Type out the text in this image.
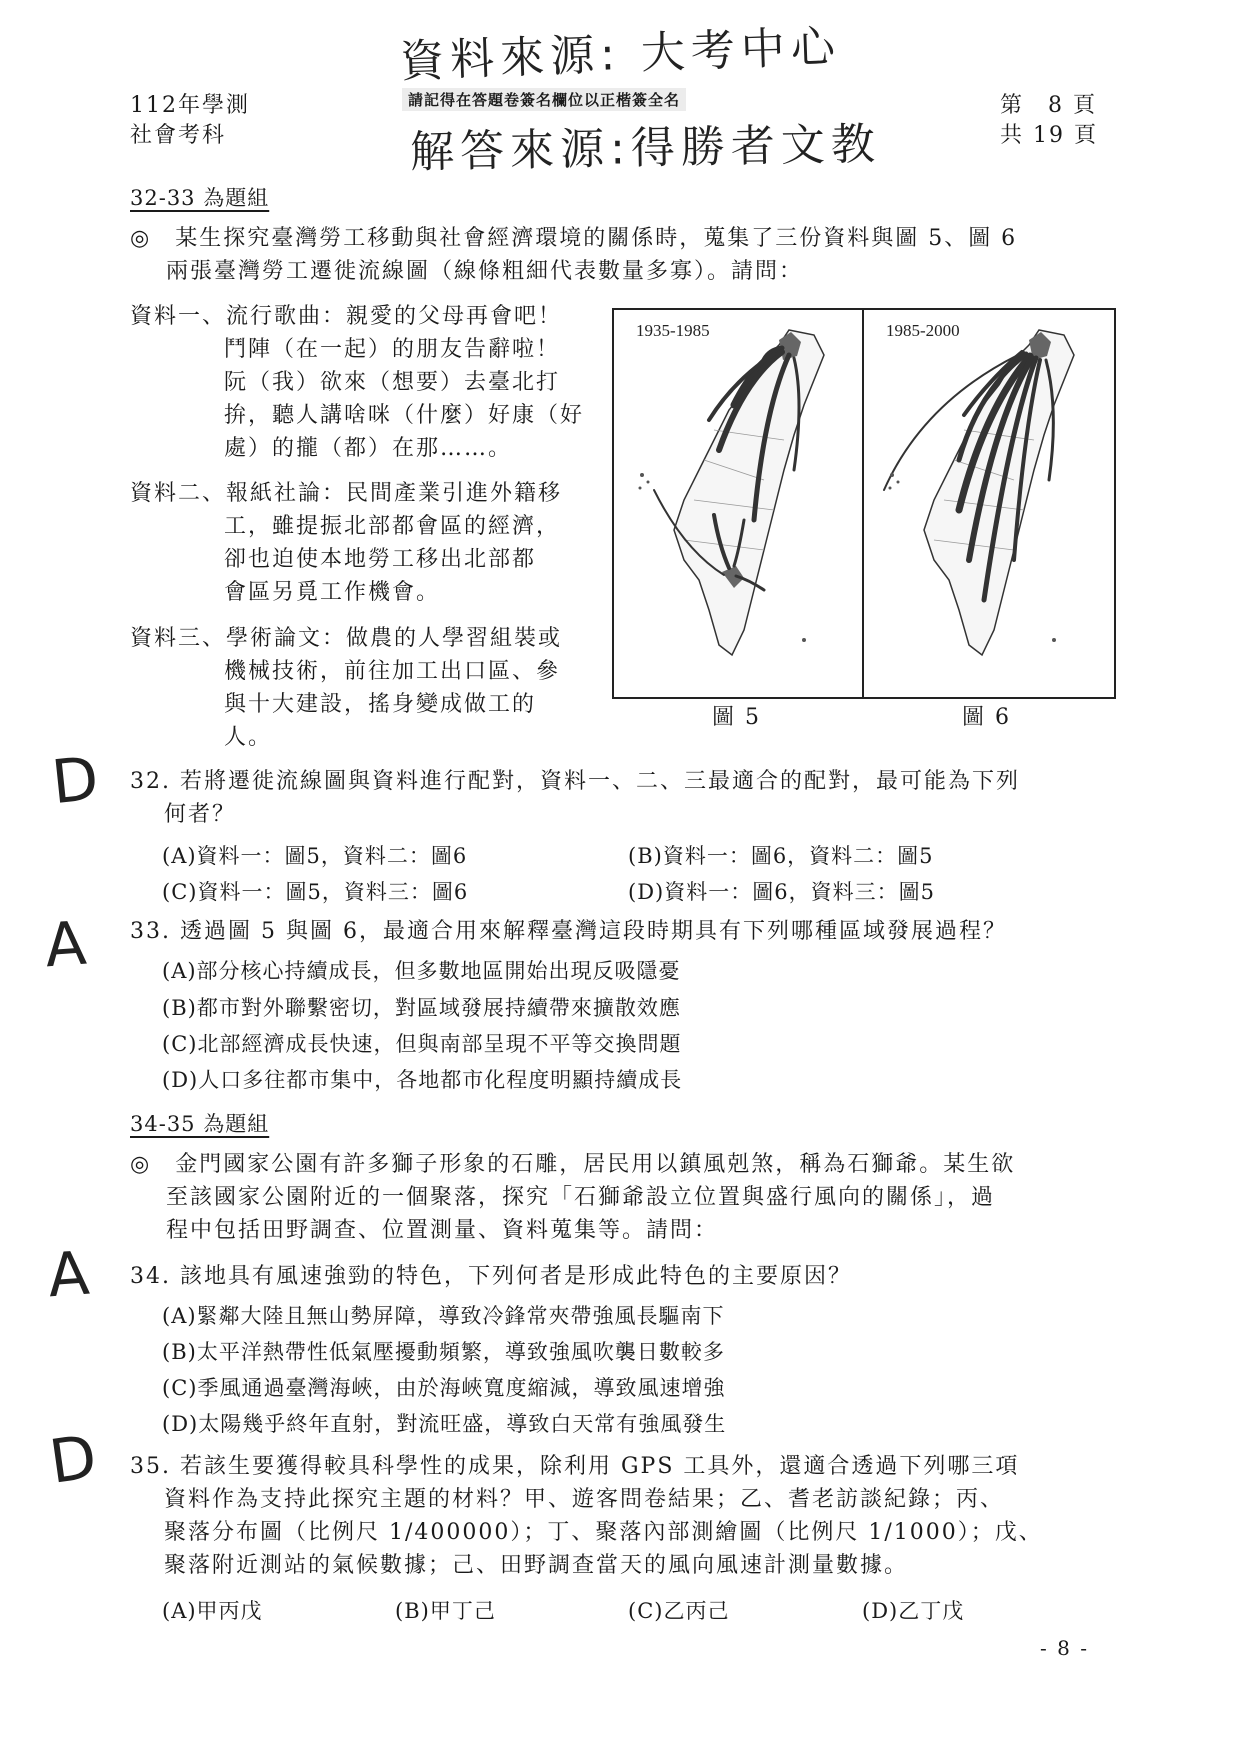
112年學測
社會考科
資料來源: 大考中心
請記得在答題卷簽名欄位以正楷簽全名
解答來源:得勝者文教
第　8 頁
共 19 頁
32-33 為題組
◎　某生探究臺灣勞工移動與社會經濟環境的關係時，蒐集了三份資料與圖 5、圖 6
兩張臺灣勞工遷徙流線圖（線條粗細代表數量多寡）。請問：
資料一、流行歌曲：親愛的父母再會吧！
鬥陣（在一起）的朋友告辭啦！
阮（我）欲來（想要）去臺北打
拚，聽人講啥咪（什麼）好康（好
處）的攏（都）在那……。
資料二、報紙社論：民間產業引進外籍移
工，雖提振北部都會區的經濟，
卻也迫使本地勞工移出北部都
會區另覓工作機會。
資料三、學術論文：做農的人學習組裝或
機械技術，前往加工出口區、參
與十大建設，搖身變成做工的
人。
1935-1985
圖 5
1985-2000
圖 6
D 32. 若將遷徙流線圖與資料進行配對，資料一、二、三最適合的配對，最可能為下列
何者？
(A)資料一：圖5，資料二：圖6	(B)資料一：圖6，資料二：圖5
(C)資料一：圖5，資料三：圖6	(D)資料一：圖6，資料三：圖5
A 33. 透過圖 5 與圖 6，最適合用來解釋臺灣這段時期具有下列哪種區域發展過程？
(A)部分核心持續成長，但多數地區開始出現反吸隱憂
(B)都市對外聯繫密切，對區域發展持續帶來擴散效應
(C)北部經濟成長快速，但與南部呈現不平等交換問題
(D)人口多往都市集中，各地都市化程度明顯持續成長
34-35 為題組
◎　金門國家公園有許多獅子形象的石雕，居民用以鎮風剋煞，稱為石獅爺。某生欲
至該國家公園附近的一個聚落，探究「石獅爺設立位置與盛行風向的關係」，過
程中包括田野調查、位置測量、資料蒐集等。請問：
A 34. 該地具有風速強勁的特色，下列何者是形成此特色的主要原因？
(A)緊鄰大陸且無山勢屏障，導致冷鋒常夾帶強風長驅南下
(B)太平洋熱帶性低氣壓擾動頻繁，導致強風吹襲日數較多
(C)季風通過臺灣海峽，由於海峽寬度縮減，導致風速增強
(D)太陽幾乎終年直射，對流旺盛，導致白天常有強風發生
D 35. 若該生要獲得較具科學性的成果，除利用 GPS 工具外，還適合透過下列哪三項
資料作為支持此探究主題的材料？甲、遊客問卷結果；乙、耆老訪談紀錄；丙、
聚落分布圖（比例尺 1/400000）；丁、聚落內部測繪圖（比例尺 1/1000）；戊、
聚落附近測站的氣候數據；己、田野調查當天的風向風速計測量數據。
(A)甲丙戊	(B)甲丁己	(C)乙丙己	(D)乙丁戊
- 8 -
